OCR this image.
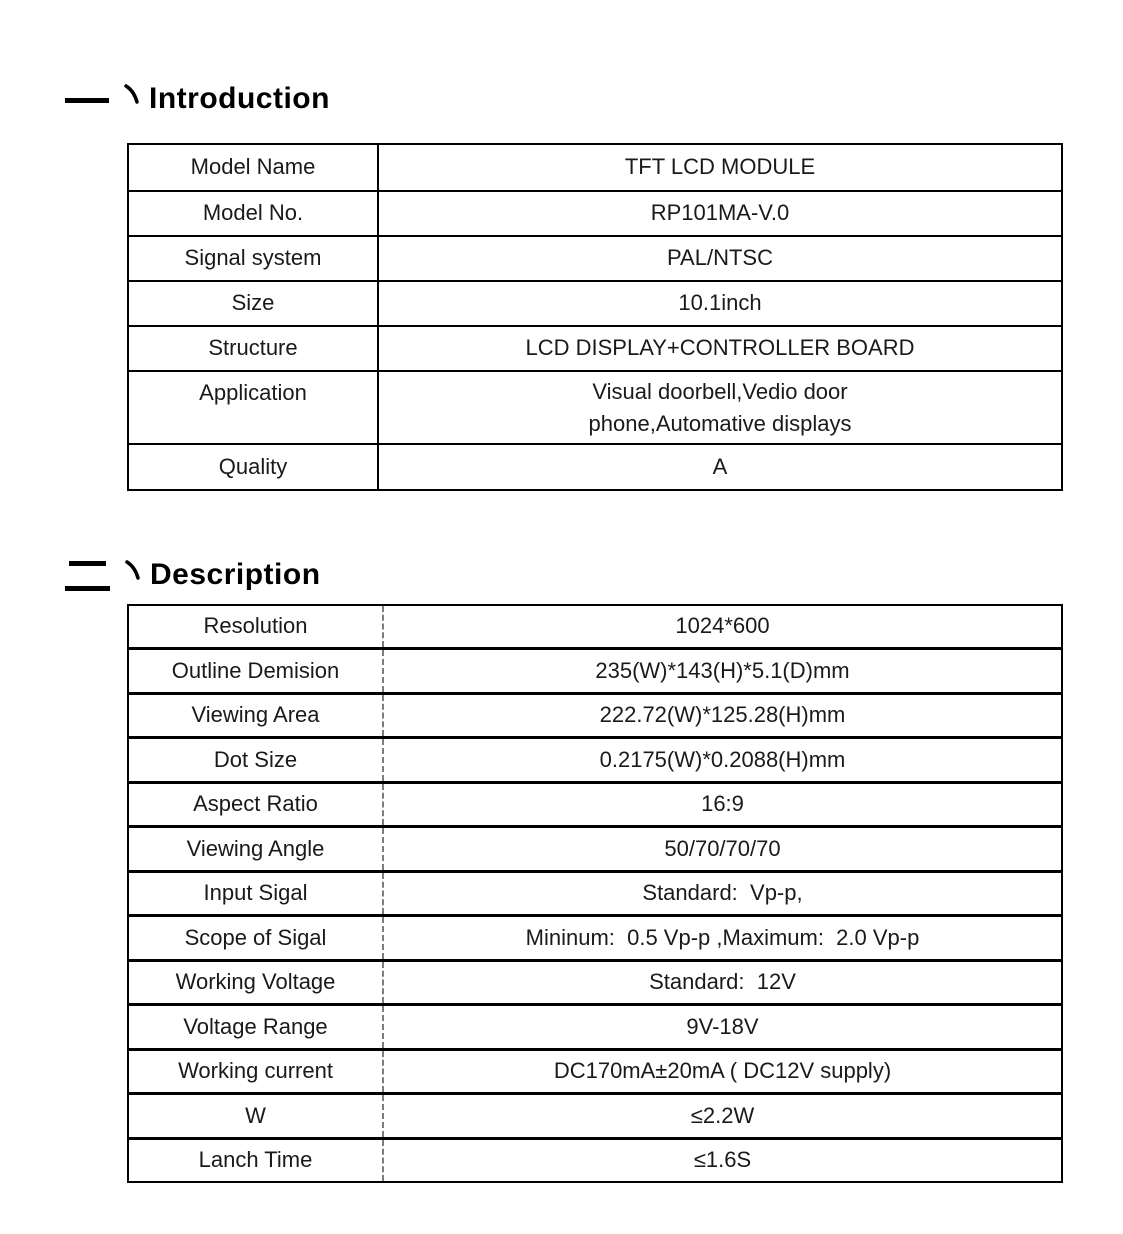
Introduction
Model Name	TFT LCD MODULE
Model No.	RP101MA-V.0
Signal system	PAL/NTSC
Size	10.1inch
Structure	LCD DISPLAY+CONTROLLER BOARD
Application	Visual doorbell,Vedio door
phone,Automative displays
Quality	A
Description
Resolution	1024*600
Outline Demision	235(W)*143(H)*5.1(D)mm
Viewing Area	222.72(W)*125.28(H)mm
Dot Size	0.2175(W)*0.2088(H)mm
Aspect Ratio	16:9
Viewing Angle	50/70/70/70
Input Sigal	Standard:  Vp-p,
Scope of Sigal	Mininum:  0.5 Vp-p ,Maximum:  2.0 Vp-p
Working Voltage	Standard:  12V
Voltage Range	9V-18V
Working current	DC170mA±20mA ( DC12V supply)
W	≤2.2W
Lanch Time	≤1.6S
